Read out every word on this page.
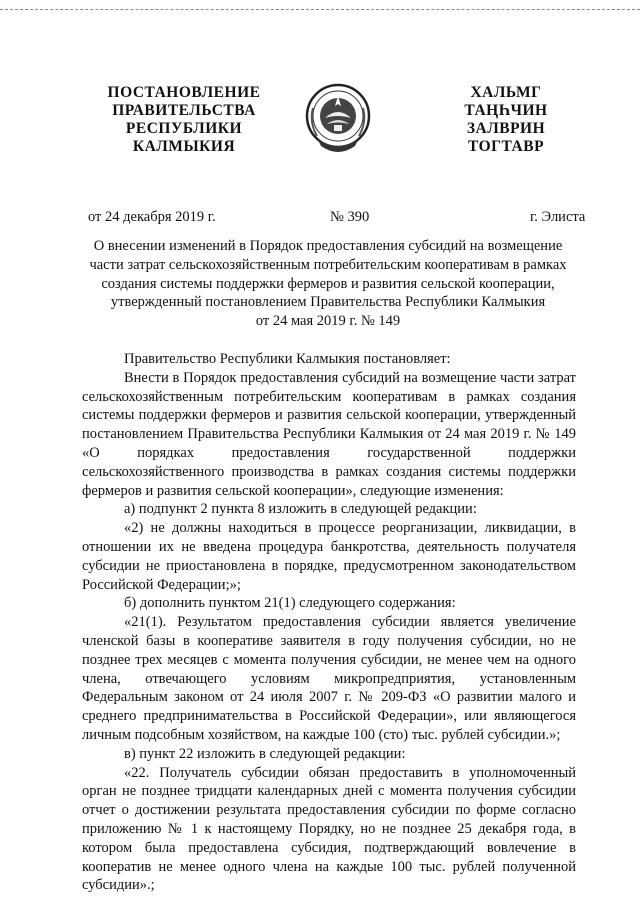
ПОСТАНОВЛЕНИЕ
ПРАВИТЕЛЬСТВА
РЕСПУБЛИКИ
КАЛМЫКИЯ
ХАЛЬМГ
ТАҢҺЧИН
ЗАЛВРИН
ТОГТАВР
от 24 декабря 2019 г.	№ 390	г. Элиста
О внесении изменений в Порядок предоставления субсидий на возмещение
части затрат сельскохозяйственным потребительским кооперативам в рамках
создания системы поддержки фермеров и развития сельской кооперации,
утвержденный постановлением Правительства Республики Калмыкия
от 24 мая 2019 г. № 149

Правительство Республики Калмыкия постановляет:

Внести в Порядок предоставления субсидий на возмещение части затрат сельскохозяйственным потребительским кооперативам в рамках создания системы поддержки фермеров и развития сельской кооперации, утвержденный постановлением Правительства Республики Калмыкия от 24 мая 2019 г. № 149 «О порядках предоставления государственной поддержки сельскохозяйственного производства в рамках создания системы поддержки фермеров и развития сельской кооперации», следующие изменения:

а) подпункт 2 пункта 8 изложить в следующей редакции:

«2) не должны находиться в процессе реорганизации, ликвидации, в отношении их не введена процедура банкротства, деятельность получателя субсидии не приостановлена в порядке, предусмотренном законодательством Российской Федерации;»;

б) дополнить пунктом 21(1) следующего содержания:

«21(1). Результатом предоставления субсидии является увеличение членской базы в кооперативе заявителя в году получения субсидии, но не позднее трех месяцев с момента получения субсидии, не менее чем на одного члена, отвечающего условиям микропредприятия, установленным Федеральным законом от 24 июля 2007 г. № 209-ФЗ «О развитии малого и среднего предпринимательства в Российской Федерации», или являющегося личным подсобным хозяйством, на каждые 100 (сто) тыс. рублей субсидии.»;

в) пункт 22 изложить в следующей редакции:

«22. Получатель субсидии обязан предоставить в уполномоченный орган не позднее тридцати календарных дней с момента получения субсидии отчет о достижении результата предоставления субсидии по форме согласно приложению № 1 к настоящему Порядку, но не позднее 25 декабря года, в котором была предоставлена субсидия, подтверждающий вовлечение в кооператив не менее одного члена на каждые 100 тыс. рублей полученной субсидии».;
